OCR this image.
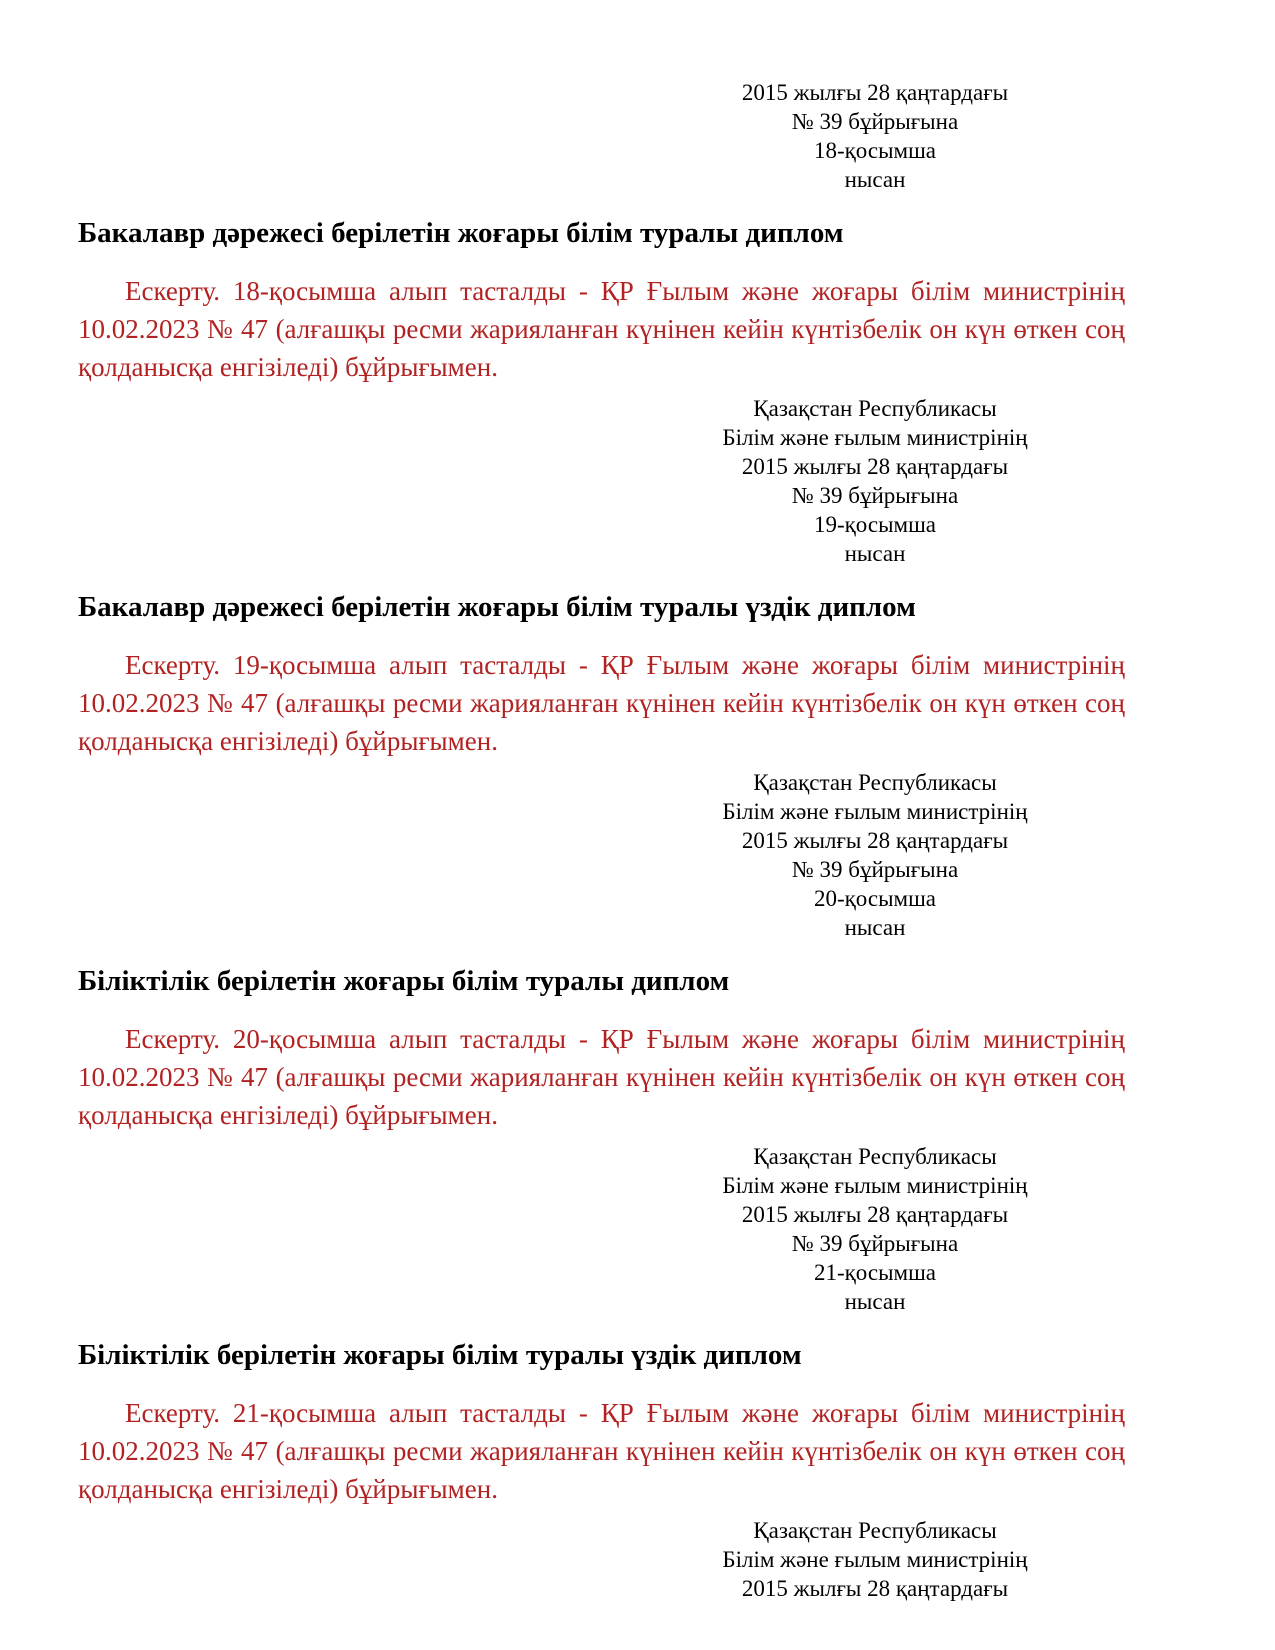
2015 жылғы 28 қаңтардағы

№ 39 бұйрығына

18-қосымша

нысан

Бакалавр дәрежесі берілетін жоғары білім туралы диплом

Ескерту. 18-қосымша алып тасталды - ҚР Ғылым және жоғары білім министрінің 10.02.2023 № 47 (алғашқы ресми жарияланған күнінен кейін күнтізбелік он күн өткен соң қолданысқа енгізіледі) бұйрығымен.

Қазақстан Республикасы

Білім және ғылым министрінің

2015 жылғы 28 қаңтардағы

№ 39 бұйрығына

19-қосымша

нысан

Бакалавр дәрежесі берілетін жоғары білім туралы үздік диплом

Ескерту. 19-қосымша алып тасталды - ҚР Ғылым және жоғары білім министрінің 10.02.2023 № 47 (алғашқы ресми жарияланған күнінен кейін күнтізбелік он күн өткен соң қолданысқа енгізіледі) бұйрығымен.

Қазақстан Республикасы

Білім және ғылым министрінің

2015 жылғы 28 қаңтардағы

№ 39 бұйрығына

20-қосымша

нысан

Біліктілік берілетін жоғары білім туралы диплом

Ескерту. 20-қосымша алып тасталды - ҚР Ғылым және жоғары білім министрінің 10.02.2023 № 47 (алғашқы ресми жарияланған күнінен кейін күнтізбелік он күн өткен соң қолданысқа енгізіледі) бұйрығымен.

Қазақстан Республикасы

Білім және ғылым министрінің

2015 жылғы 28 қаңтардағы

№ 39 бұйрығына

21-қосымша

нысан

Біліктілік берілетін жоғары білім туралы үздік диплом

Ескерту. 21-қосымша алып тасталды - ҚР Ғылым және жоғары білім министрінің 10.02.2023 № 47 (алғашқы ресми жарияланған күнінен кейін күнтізбелік он күн өткен соң қолданысқа енгізіледі) бұйрығымен.

Қазақстан Республикасы

Білім және ғылым министрінің

2015 жылғы 28 қаңтардағы
